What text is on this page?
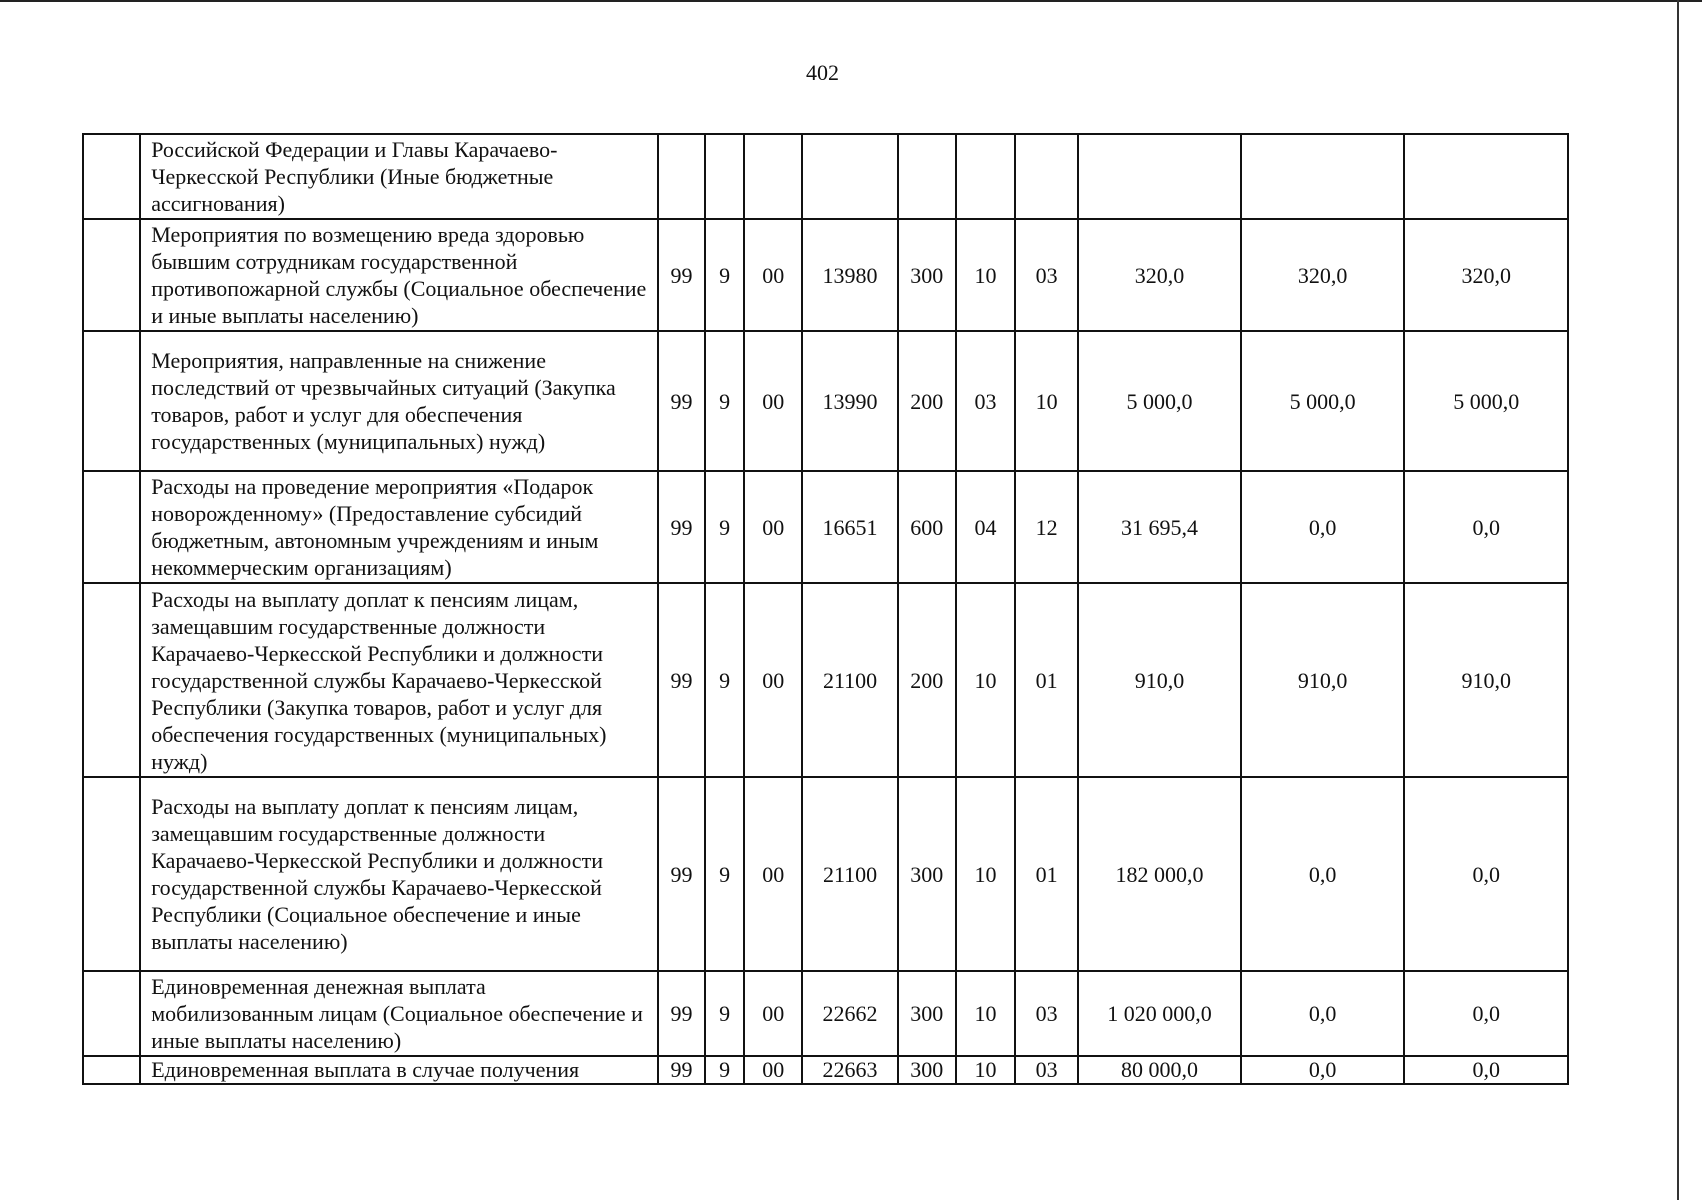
402
	Российской Федерации и Главы Карачаево-Черкесской Республики (Иные бюджетные ассигнования)										
	Мероприятия по возмещению вреда здоровью бывшим сотрудникам государственной противопожарной службы (Социальное обеспечение и иные выплаты населению)	99	9	00	13980	300	10	03	320,0	320,0	320,0
	Мероприятия, направленные на снижение последствий от чрезвычайных ситуаций (Закупка товаров, работ и услуг для обеспечения государственных (муниципальных) нужд)	99	9	00	13990	200	03	10	5 000,0	5 000,0	5 000,0
	Расходы на проведение мероприятия «Подарок новорожденному» (Предоставление субсидий бюджетным, автономным учреждениям и иным некоммерческим организациям)	99	9	00	16651	600	04	12	31 695,4	0,0	0,0
	Расходы на выплату доплат к пенсиям лицам, замещавшим государственные должности Карачаево-Черкесской Республики и должности государственной службы Карачаево-Черкесской Республики (Закупка товаров, работ и услуг для обеспечения государственных (муниципальных) нужд)	99	9	00	21100	200	10	01	910,0	910,0	910,0
	Расходы на выплату доплат к пенсиям лицам, замещавшим государственные должности Карачаево-Черкесской Республики и должности государственной службы Карачаево-Черкесской Республики (Социальное обеспечение и иные выплаты населению)	99	9	00	21100	300	10	01	182 000,0	0,0	0,0
	Единовременная денежная выплата мобилизованным лицам (Социальное обеспечение и иные выплаты населению)	99	9	00	22662	300	10	03	1 020 000,0	0,0	0,0
	Единовременная выплата в случае получения	99	9	00	22663	300	10	03	80 000,0	0,0	0,0
